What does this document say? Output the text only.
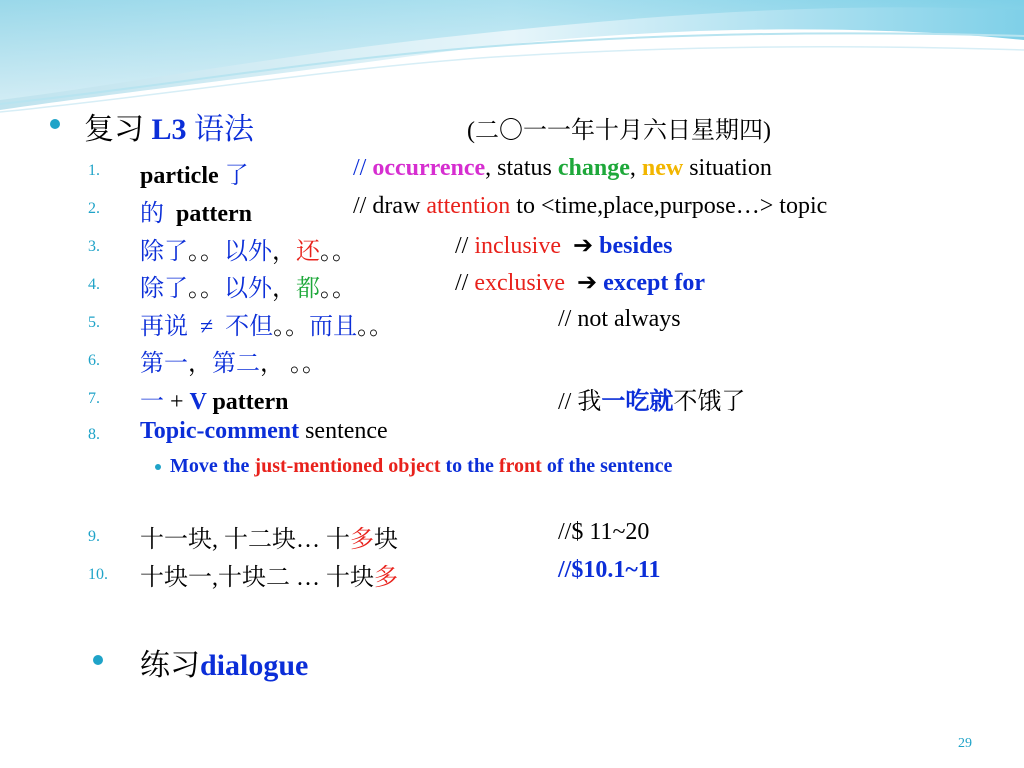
复习 L3 语法	(二〇一一年十月六日星期四)
1. particle 了	// occurrence, status change, new situation
2. 的 pattern	// draw attention to <time,place,purpose…> topic
3. 除了。。以外，还。。	// inclusive ➔ besides
4. 除了。。以外，都。。	// exclusive ➔ except for
5. 再说 ≠ 不但。。而且。。	// not always
6. 第一，第二， 。。
7. 一 + V pattern	// 我一吃就不饿了
8. Topic-comment sentence
Move the just-mentioned object to the front of the sentence
9. 十一块, 十二块… 十多块	//$ 11~20
10. 十块一,十块二 … 十块多	//$10.1~11
练习dialogue
29
